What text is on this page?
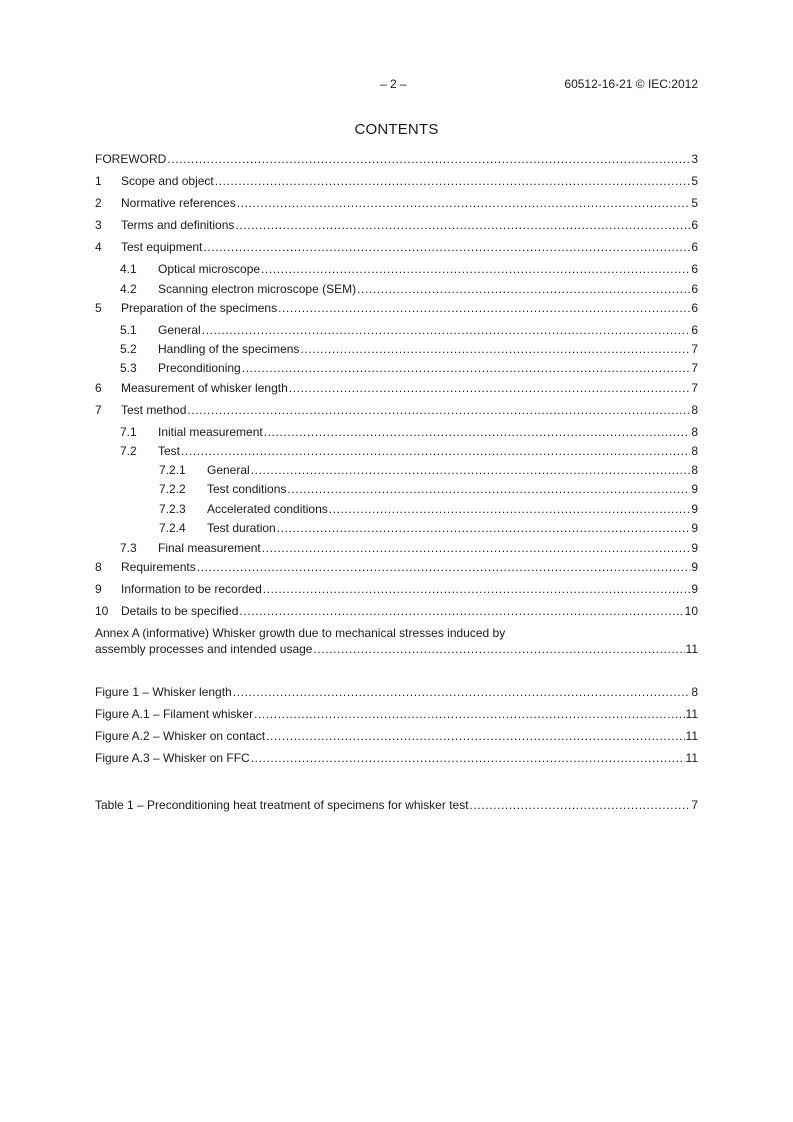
– 2 –	60512-16-21 © IEC:2012
CONTENTS
FOREWORD .....	3
1	Scope and object .....	5
2	Normative references .....	5
3	Terms and definitions .....	6
4	Test equipment .....	6
4.1	Optical microscope .....	6
4.2	Scanning electron microscope (SEM) .....	6
5	Preparation of the specimens .....	6
5.1	General .....	6
5.2	Handling of the specimens .....	7
5.3	Preconditioning .....	7
6	Measurement of whisker length .....	7
7	Test method .....	8
7.1	Initial measurement .....	8
7.2	Test .....	8
7.2.1	General .....	8
7.2.2	Test conditions .....	9
7.2.3	Accelerated conditions .....	9
7.2.4	Test duration .....	9
7.3	Final measurement .....	9
8	Requirements .....	9
9	Information to be recorded .....	9
10	Details to be specified .....	10
Annex A (informative) Whisker growth due to mechanical stresses induced by
assembly processes and intended usage .....	11
Figure 1 – Whisker length .....	8
Figure A.1 – Filament whisker .....	11
Figure A.2 – Whisker on contact .....	11
Figure A.3 – Whisker on FFC .....	11
Table 1 – Preconditioning heat treatment of specimens for whisker test .....	7
